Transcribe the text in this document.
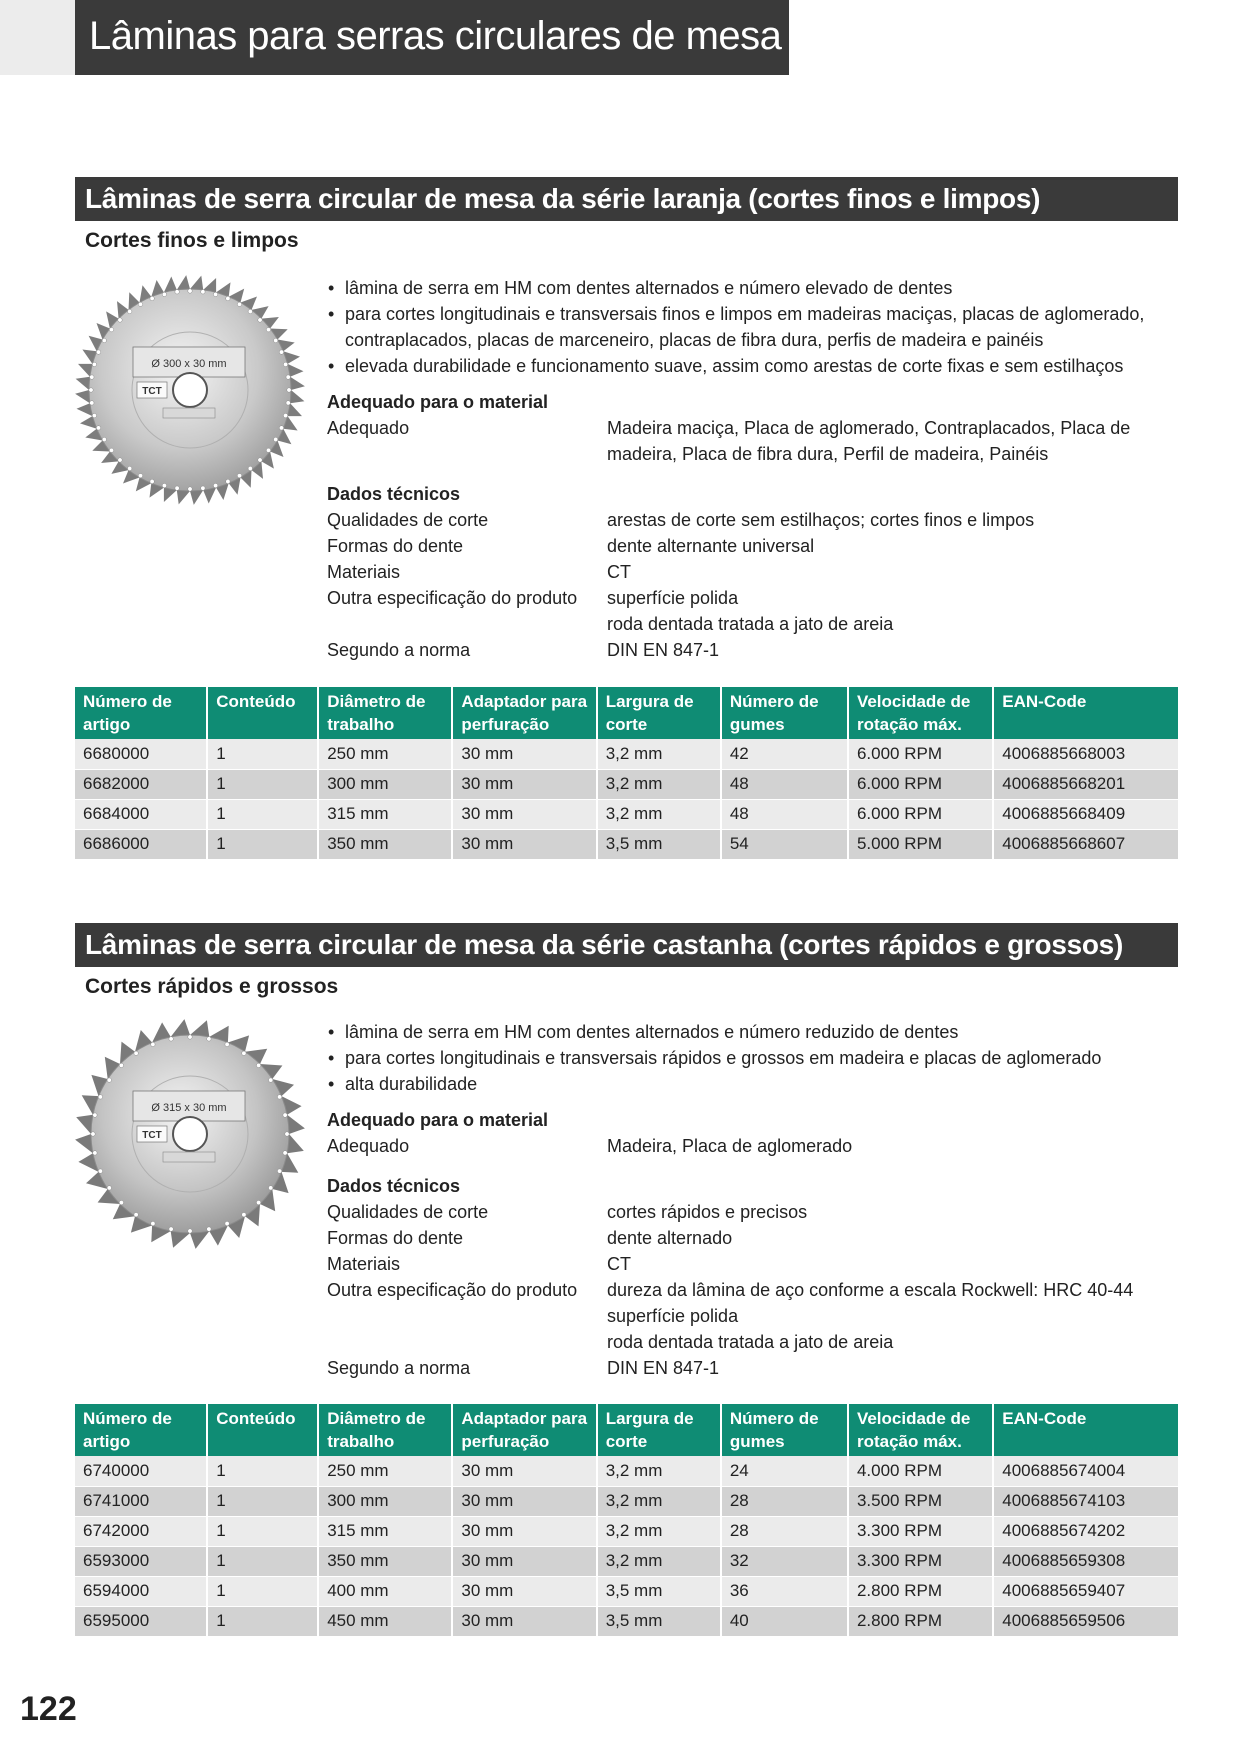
Lâminas para serras circulares de mesa
Lâminas de serra circular de mesa da série laranja (cortes finos e limpos)
Cortes finos e limpos
Ø 300 x 30 mm
TCT
• lâmina de serra em HM com dentes alternados e número elevado de dentes
• para cortes longitudinais e transversais finos e limpos em madeiras maciças, placas de aglomerado, contraplacados, placas de marceneiro, placas de fibra dura, perfis de madeira e painéis
• elevada durabilidade e funcionamento suave, assim como arestas de corte fixas e sem estilhaços
Adequado para o material
Adequado	Madeira maciça, Placa de aglomerado, Contraplacados, Placa de madeira, Placa de fibra dura, Perfil de madeira, Painéis
Dados técnicos
Qualidades de corte	arestas de corte sem estilhaços; cortes finos e limpos
Formas do dente	dente alternante universal
Materiais	CT
Outra especificação do produto	superfície polida
roda dentada tratada a jato de areia
Segundo a norma	DIN EN 847-1
Número de artigo	Conteúdo	Diâmetro de trabalho	Adaptador para perfuração	Largura de corte	Número de gumes	Velocidade de rotação máx.	EAN-Code
6680000	1	250 mm	30 mm	3,2 mm	42	6.000 RPM	4006885668003
6682000	1	300 mm	30 mm	3,2 mm	48	6.000 RPM	4006885668201
6684000	1	315 mm	30 mm	3,2 mm	48	6.000 RPM	4006885668409
6686000	1	350 mm	30 mm	3,5 mm	54	5.000 RPM	4006885668607
Lâminas de serra circular de mesa da série castanha (cortes rápidos e grossos)
Cortes rápidos e grossos
Ø 315 x 30 mm
TCT
• lâmina de serra em HM com dentes alternados e número reduzido de dentes
• para cortes longitudinais e transversais rápidos e grossos em madeira e placas de aglomerado
• alta durabilidade
Adequado para o material
Adequado	Madeira, Placa de aglomerado
Dados técnicos
Qualidades de corte	cortes rápidos e precisos
Formas do dente	dente alternado
Materiais	CT
Outra especificação do produto	dureza da lâmina de aço conforme a escala Rockwell: HRC 40-44
superfície polida
roda dentada tratada a jato de areia
Segundo a norma	DIN EN 847-1
Número de artigo	Conteúdo	Diâmetro de trabalho	Adaptador para perfuração	Largura de corte	Número de gumes	Velocidade de rotação máx.	EAN-Code
6740000	1	250 mm	30 mm	3,2 mm	24	4.000 RPM	4006885674004
6741000	1	300 mm	30 mm	3,2 mm	28	3.500 RPM	4006885674103
6742000	1	315 mm	30 mm	3,2 mm	28	3.300 RPM	4006885674202
6593000	1	350 mm	30 mm	3,2 mm	32	3.300 RPM	4006885659308
6594000	1	400 mm	30 mm	3,5 mm	36	2.800 RPM	4006885659407
6595000	1	450 mm	30 mm	3,5 mm	40	2.800 RPM	4006885659506
122
